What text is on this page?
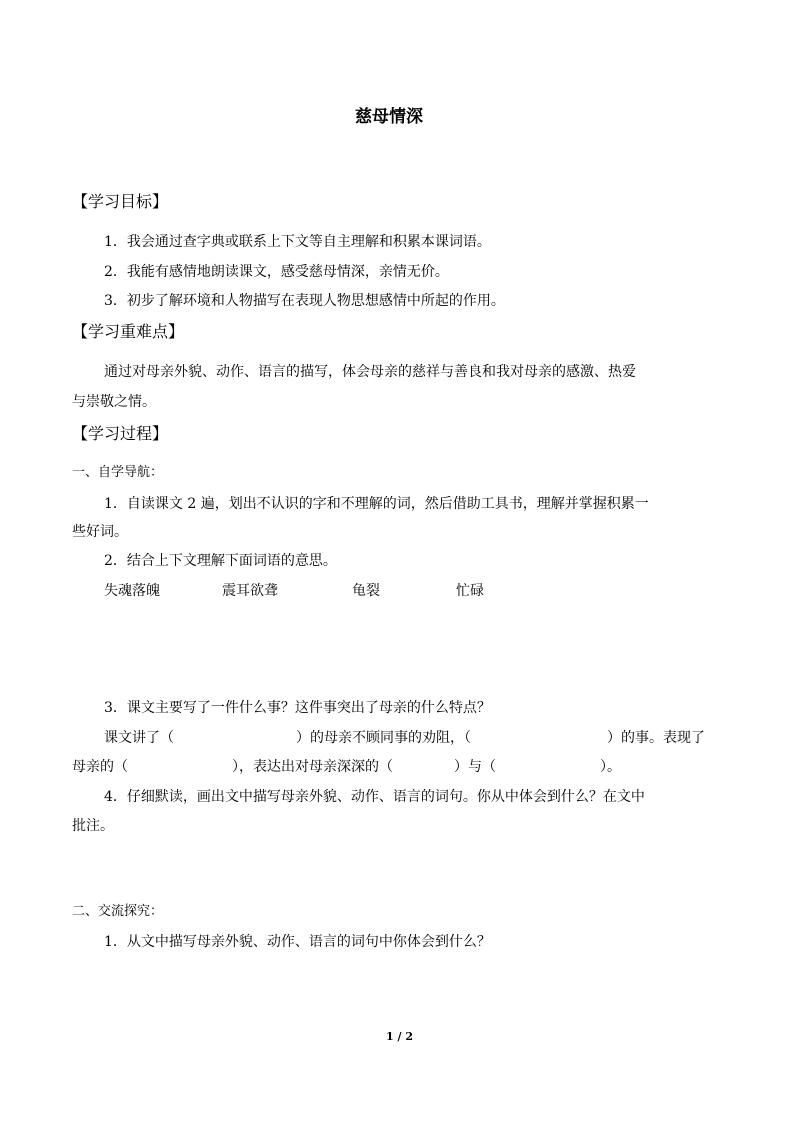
慈母情深
【学习目标】
1．我会通过查字典或联系上下文等自主理解和积累本课词语。
2．我能有感情地朗读课文，感受慈母情深，亲情无价。
3．初步了解环境和人物描写在表现人物思想感情中所起的作用。
【学习重难点】
通过对母亲外貌、动作、语言的描写，体会母亲的慈祥与善良和我对母亲的感激、热爱
与崇敬之情。
【学习过程】
一、自学导航：
1．自读课文 2 遍，划出不认识的字和不理解的词，然后借助工具书，理解并掌握积累一
些好词。
2．结合上下文理解下面词语的意思。
失魂落魄	震耳欲聋	龟裂	忙碌
3．课文主要写了一件什么事？这件事突出了母亲的什么特点？
课文讲了（	）的母亲不顾同事的劝阻，（	）的事。表现了
母亲的（	），表达出对母亲深深的（	）与（	）。
4．仔细默读，画出文中描写母亲外貌、动作、语言的词句。你从中体会到什么？在文中
批注。
二、交流探究：
1．从文中描写母亲外貌、动作、语言的词句中你体会到什么？
1 / 2
